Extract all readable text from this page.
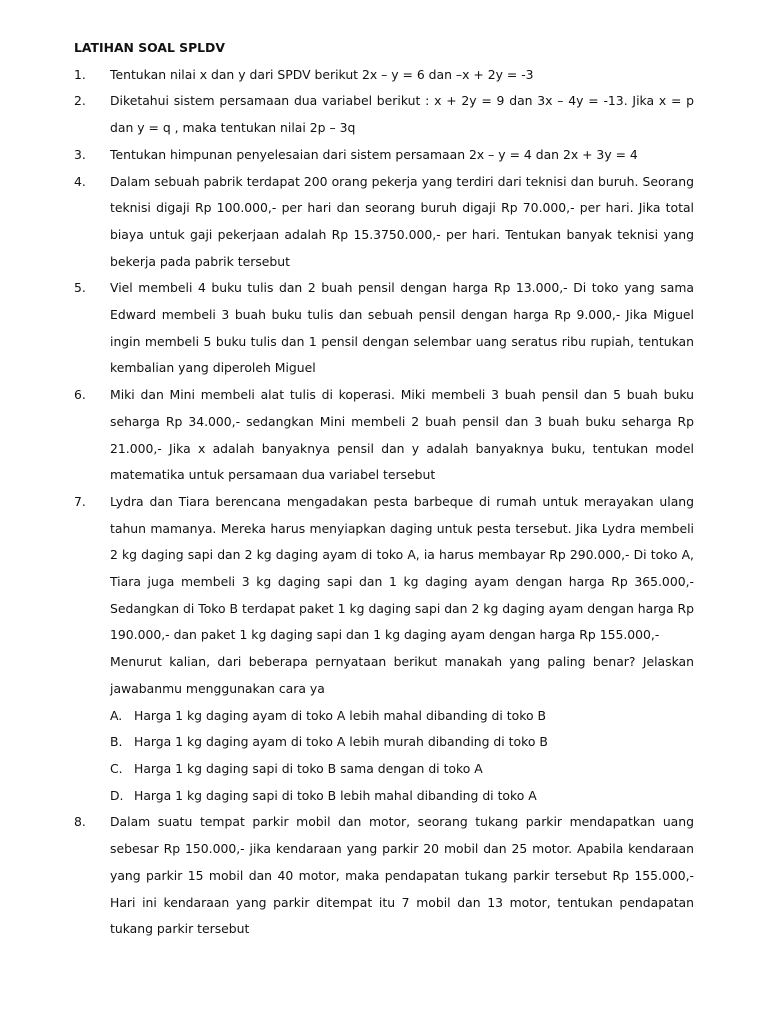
LATIHAN SOAL SPLDV

1. Tentukan nilai x dan y dari SPDV berikut 2x – y = 6 dan –x + 2y = -3

2. Diketahui sistem persamaan dua variabel berikut : x + 2y = 9 dan 3x – 4y = -13. Jika x = p dan y = q , maka tentukan nilai 2p – 3q

3. Tentukan himpunan penyelesaian dari sistem persamaan 2x – y = 4 dan 2x + 3y = 4

4. Dalam sebuah pabrik terdapat 200 orang pekerja yang terdiri dari teknisi dan buruh. Seorang teknisi digaji Rp 100.000,- per hari dan seorang buruh digaji Rp 70.000,- per hari. Jika total biaya untuk gaji pekerjaan adalah Rp 15.3750.000,- per hari. Tentukan banyak teknisi yang bekerja pada pabrik tersebut

5. Viel membeli 4 buku tulis dan 2 buah pensil dengan harga Rp 13.000,- Di toko yang sama Edward membeli 3 buah buku tulis dan sebuah pensil dengan harga Rp 9.000,- Jika Miguel ingin membeli 5 buku tulis dan 1 pensil dengan selembar uang seratus ribu rupiah, tentukan kembalian yang diperoleh Miguel

6. Miki dan Mini membeli alat tulis di koperasi. Miki membeli 3 buah pensil dan 5 buah buku seharga Rp 34.000,- sedangkan Mini membeli 2 buah pensil dan 3 buah buku seharga Rp 21.000,- Jika x adalah banyaknya pensil dan y adalah banyaknya buku, tentukan model matematika untuk persamaan dua variabel tersebut

7. Lydra dan Tiara berencana mengadakan pesta barbeque di rumah untuk merayakan ulang tahun mamanya. Mereka harus menyiapkan daging untuk pesta tersebut. Jika Lydra membeli 2 kg daging sapi dan 2 kg daging ayam di toko A, ia harus membayar Rp 290.000,- Di toko A, Tiara juga membeli 3 kg daging sapi dan 1 kg daging ayam dengan harga Rp 365.000,- Sedangkan di Toko B terdapat paket 1 kg daging sapi dan 2 kg daging ayam dengan harga Rp 190.000,- dan paket 1 kg daging sapi dan 1 kg daging ayam dengan harga Rp 155.000,-

Menurut kalian, dari beberapa pernyataan berikut manakah yang paling benar? Jelaskan jawabanmu menggunakan cara ya

A. Harga 1 kg daging ayam di toko A lebih mahal dibanding di toko B
B. Harga 1 kg daging ayam di toko A lebih murah dibanding di toko B
C. Harga 1 kg daging sapi di toko B sama dengan di toko A
D. Harga 1 kg daging sapi di toko B lebih mahal dibanding di toko A
8. Dalam suatu tempat parkir mobil dan motor, seorang tukang parkir mendapatkan uang sebesar Rp 150.000,- jika kendaraan yang parkir 20 mobil dan 25 motor. Apabila kendaraan yang parkir 15 mobil dan 40 motor, maka pendapatan tukang parkir tersebut Rp 155.000,- Hari ini kendaraan yang parkir ditempat itu 7 mobil dan 13 motor, tentukan pendapatan tukang parkir tersebut
